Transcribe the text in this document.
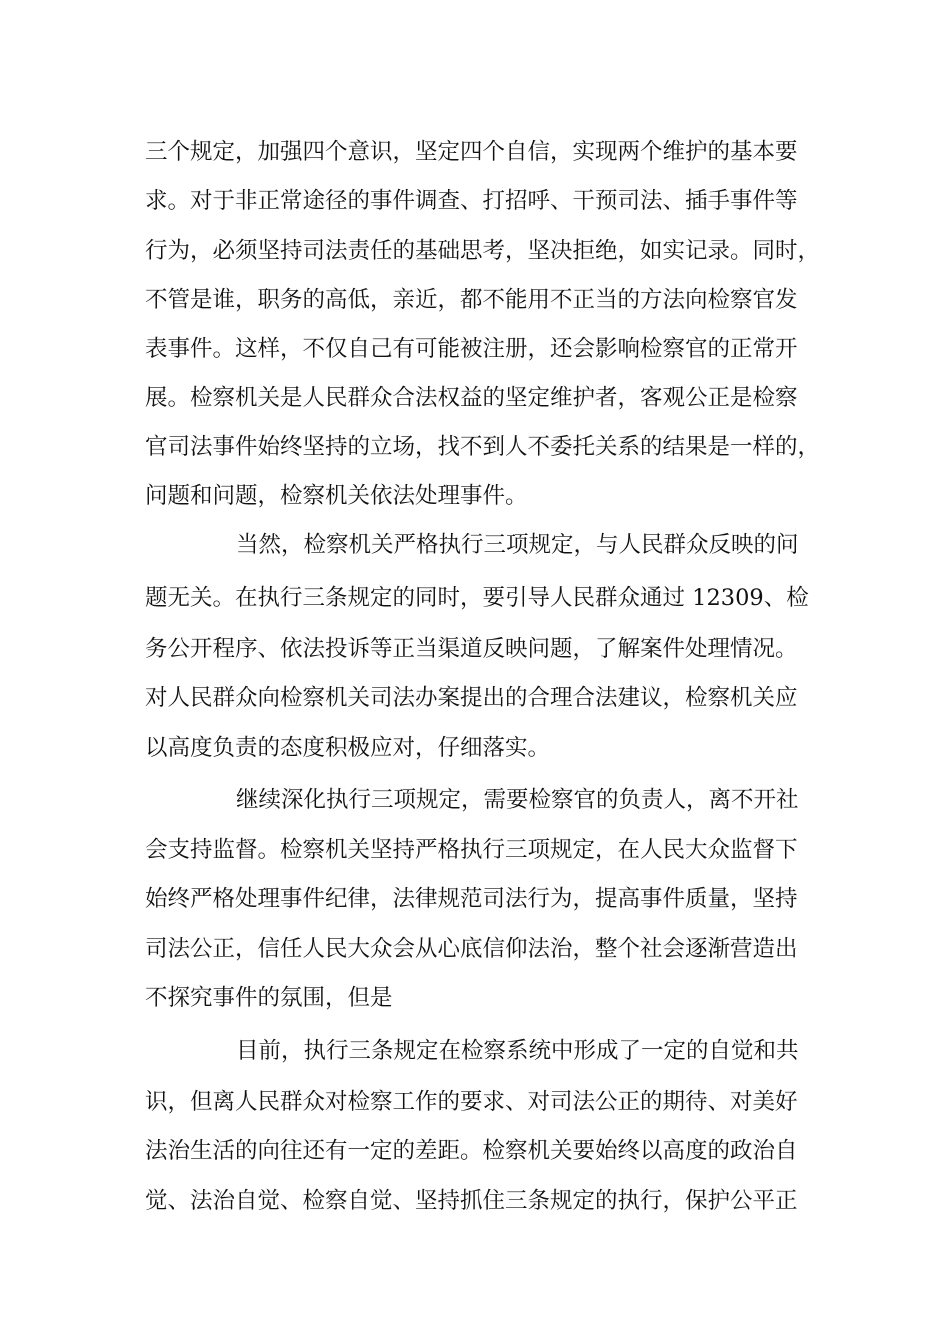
三个规定，加强四个意识，坚定四个自信，实现两个维护的基本要
求。对于非正常途径的事件调查、打招呼、干预司法、插手事件等
行为，必须坚持司法责任的基础思考，坚决拒绝，如实记录。同时，
不管是谁，职务的高低，亲近，都不能用不正当的方法向检察官发
表事件。这样，不仅自己有可能被注册，还会影响检察官的正常开
展。检察机关是人民群众合法权益的坚定维护者，客观公正是检察
官司法事件始终坚持的立场，找不到人不委托关系的结果是一样的，
问题和问题，检察机关依法处理事件。
当然，检察机关严格执行三项规定，与人民群众反映的问
题无关。在执行三条规定的同时，要引导人民群众通过 12309、检
务公开程序、依法投诉等正当渠道反映问题，了解案件处理情况。
对人民群众向检察机关司法办案提出的合理合法建议，检察机关应
以高度负责的态度积极应对，仔细落实。
继续深化执行三项规定，需要检察官的负责人，离不开社
会支持监督。检察机关坚持严格执行三项规定，在人民大众监督下
始终严格处理事件纪律，法律规范司法行为，提高事件质量，坚持
司法公正，信任人民大众会从心底信仰法治，整个社会逐渐营造出
不探究事件的氛围，但是
目前，执行三条规定在检察系统中形成了一定的自觉和共
识，但离人民群众对检察工作的要求、对司法公正的期待、对美好
法治生活的向往还有一定的差距。检察机关要始终以高度的政治自
觉、法治自觉、检察自觉、坚持抓住三条规定的执行，保护公平正
